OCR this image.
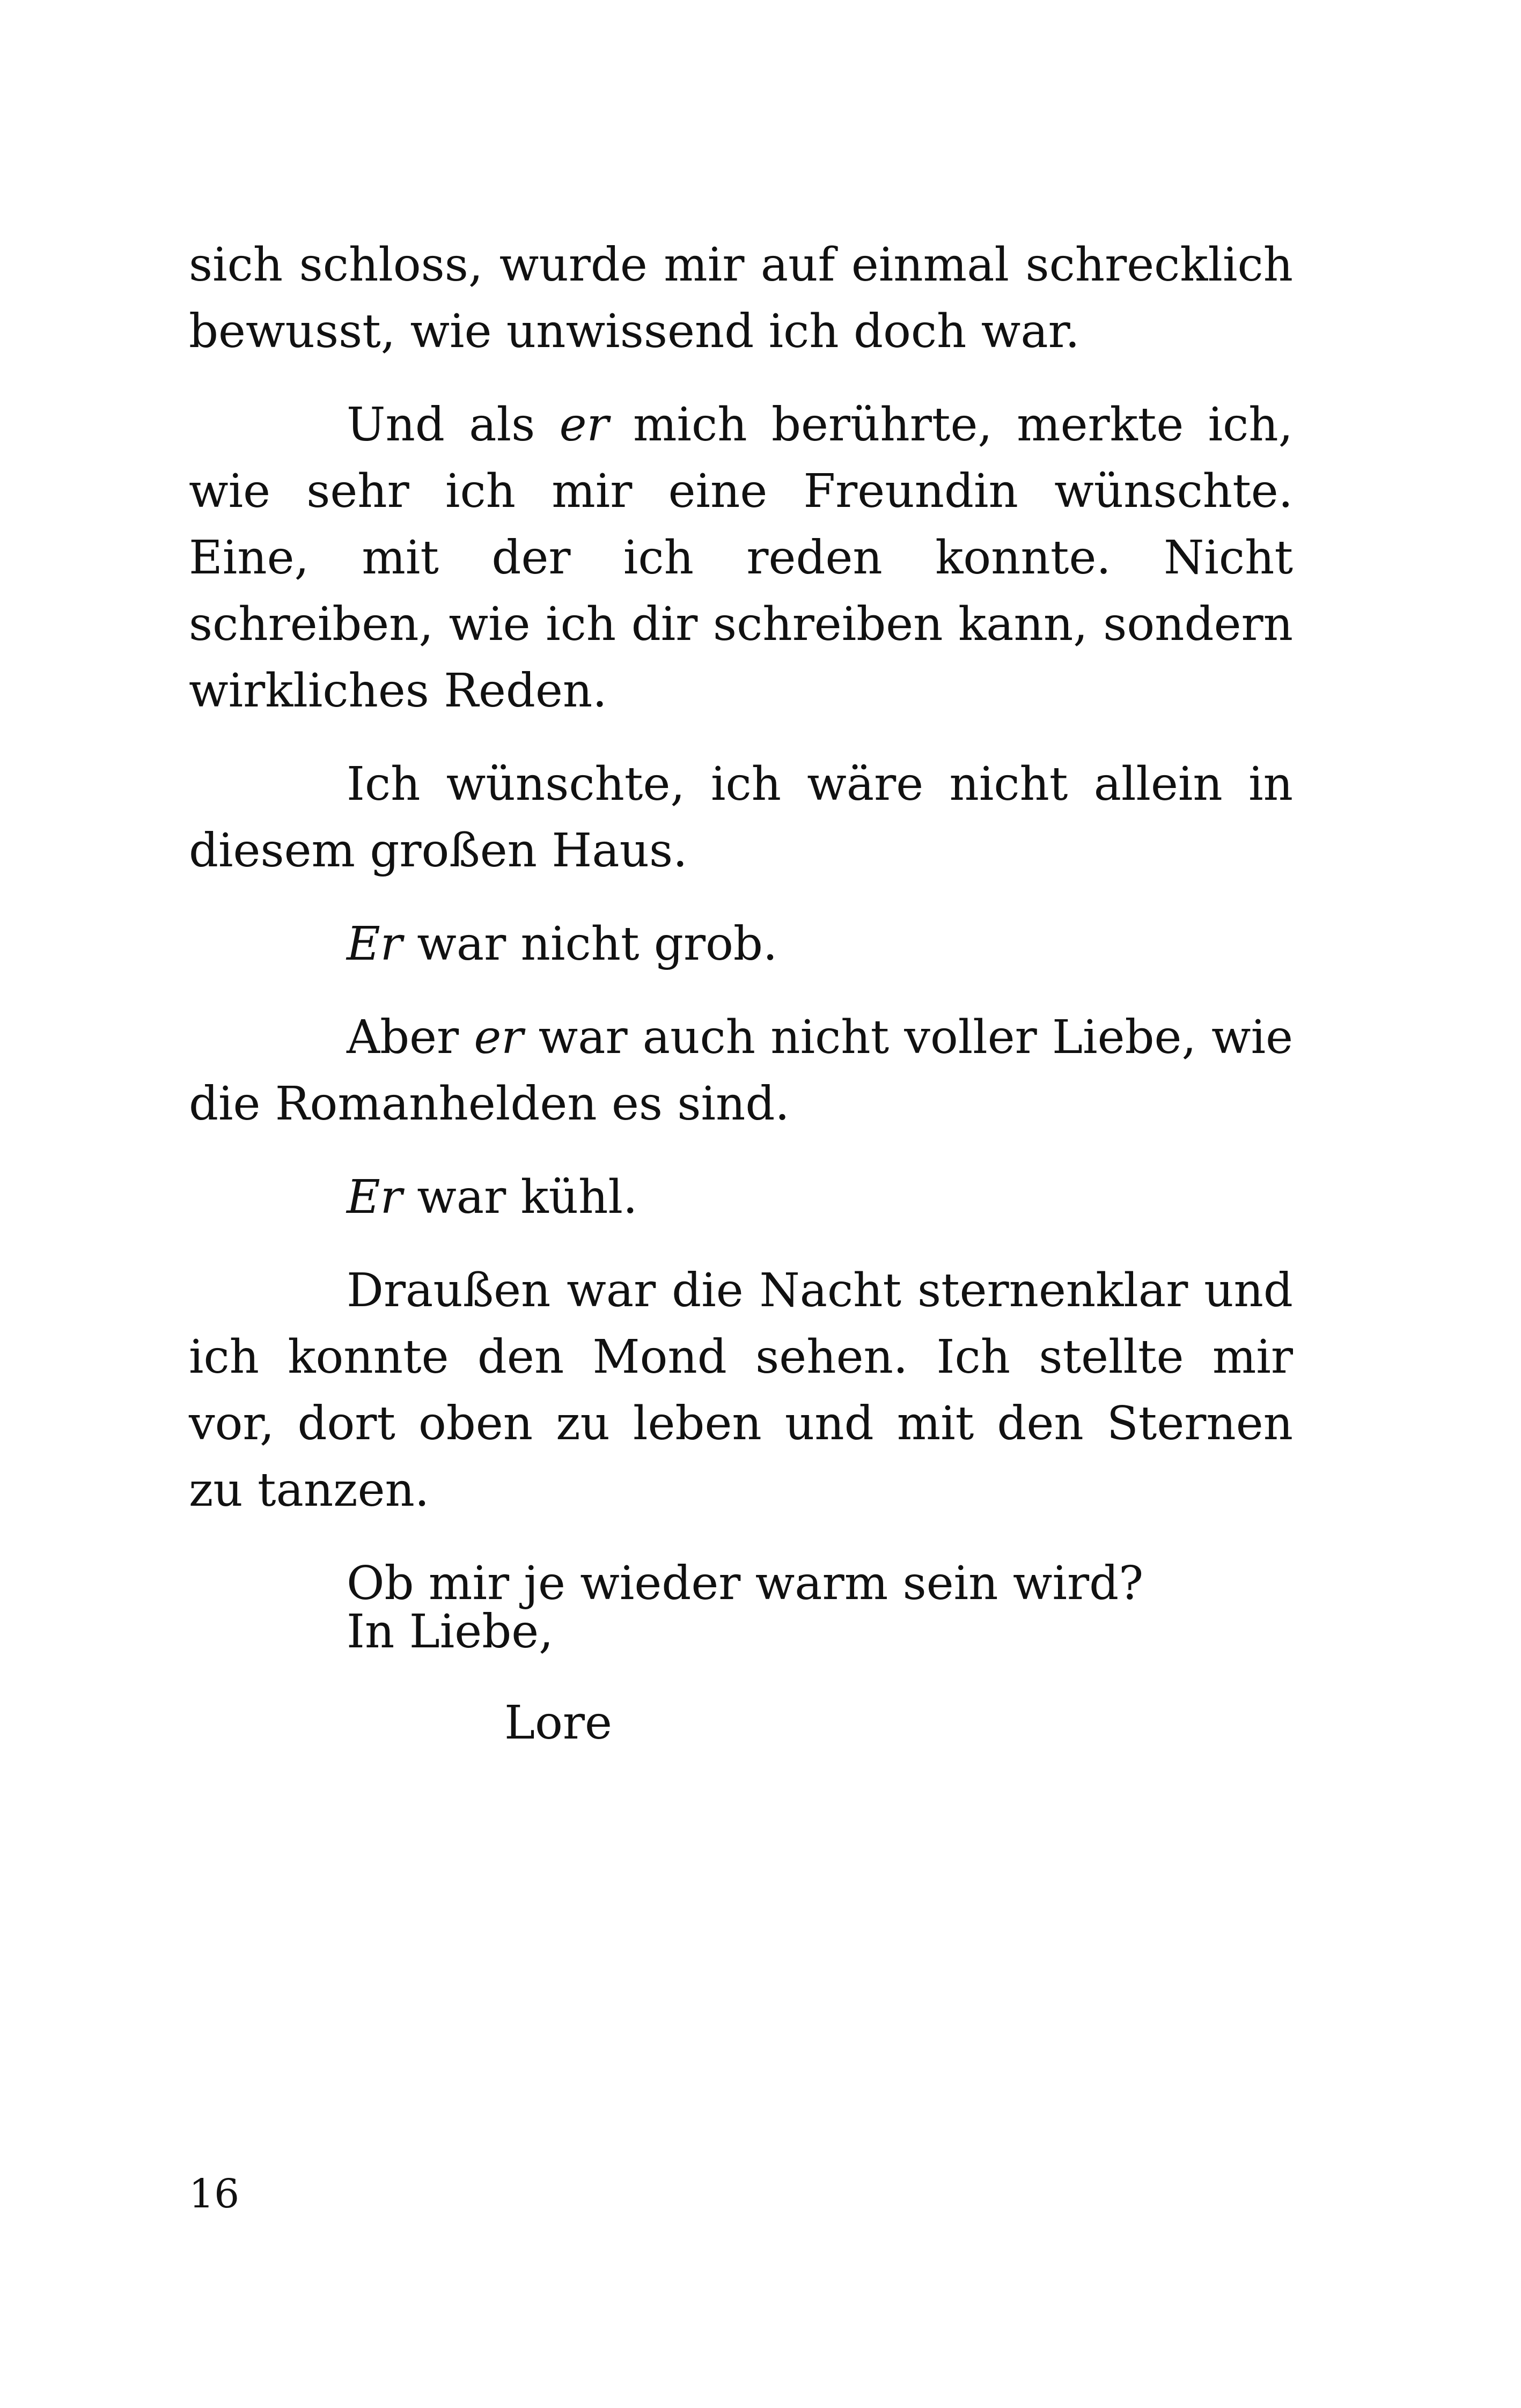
sich schloss, wurde mir auf einmal schrecklich bewusst, wie unwissend ich doch war.

Und als er mich berührte, merkte ich, wie sehr ich mir eine Freundin wünschte. Eine, mit der ich reden konnte. Nicht schreiben, wie ich dir schreiben kann, sondern wirkliches Reden.

Ich wünschte, ich wäre nicht allein in diesem großen Haus.

Er war nicht grob.

Aber er war auch nicht voller Liebe, wie die Romanhelden es sind.

Er war kühl.

Draußen war die Nacht sternenklar und ich konnte den Mond sehen. Ich stellte mir vor, dort oben zu leben und mit den Sternen zu tanzen.

Ob mir je wieder warm sein wird?

In Liebe,
Lore
16
